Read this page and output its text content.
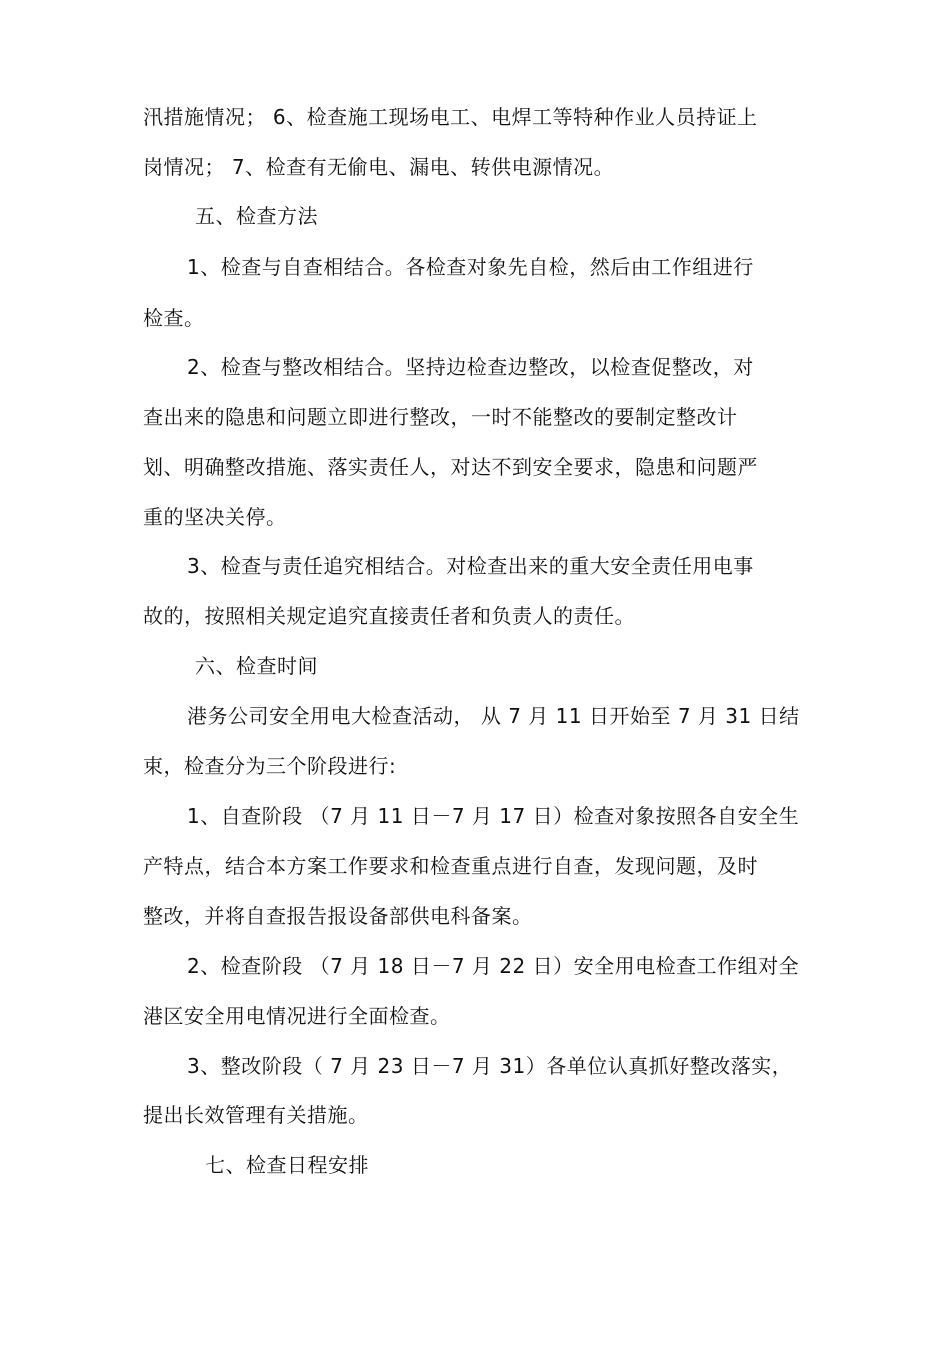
汛措施情况； 6、检查施工现场电工、电焊工等特种作业人员持证上
岗情况； 7、检查有无偷电、漏电、转供电源情况。
五、检查方法
1、检查与自查相结合。各检查对象先自检，然后由工作组进行
检查。
2、检查与整改相结合。坚持边检查边整改，以检查促整改，对
查出来的隐患和问题立即进行整改，一时不能整改的要制定整改计
划、明确整改措施、落实责任人，对达不到安全要求，隐患和问题严
重的坚决关停。
3、检查与责任追究相结合。对检查出来的重大安全责任用电事
故的，按照相关规定追究直接责任者和负责人的责任。
六、检查时间
港务公司安全用电大检查活动， 从 7 月 11 日开始至 7 月 31 日结
束，检查分为三个阶段进行:
1、自查阶段 （7 月 11 日－7 月 17 日）检查对象按照各自安全生
产特点，结合本方案工作要求和检查重点进行自查，发现问题，及时
整改，并将自查报告报设备部供电科备案。
2、检查阶段 （7 月 18 日－7 月 22 日）安全用电检查工作组对全
港区安全用电情况进行全面检查。
3、整改阶段（ 7 月 23 日－7 月 31）各单位认真抓好整改落实，
提出长效管理有关措施。
七、检查日程安排
